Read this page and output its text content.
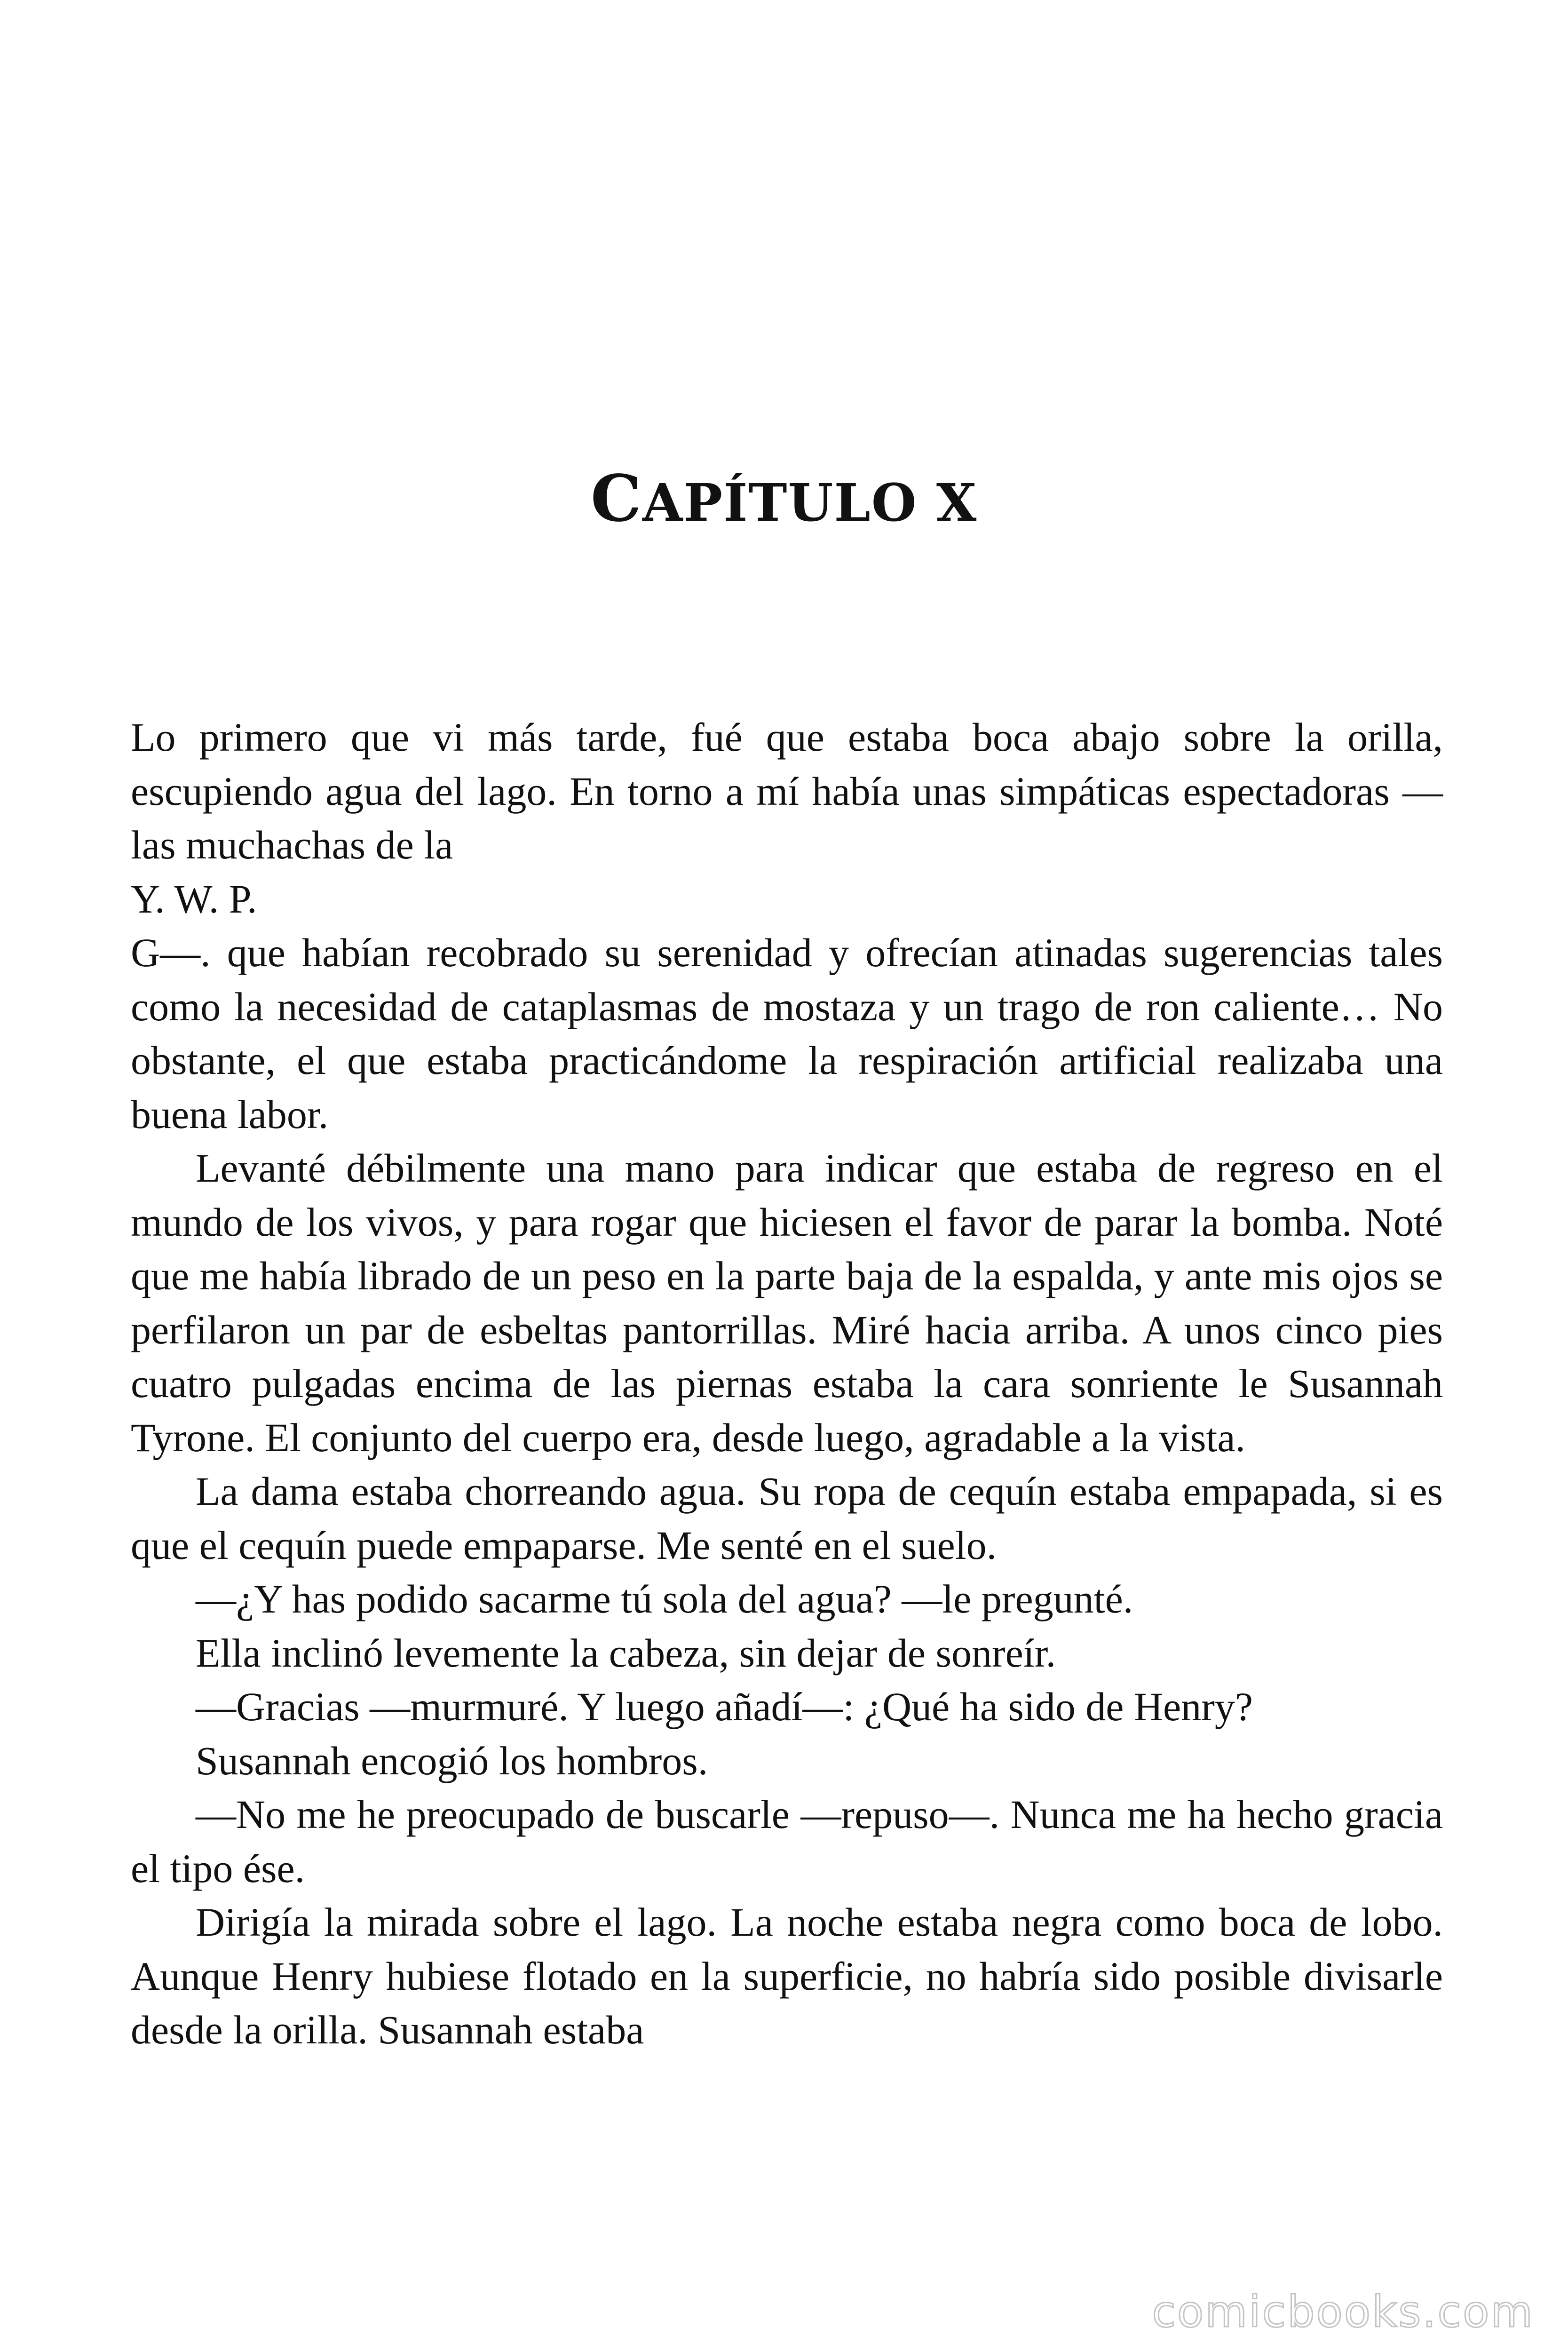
CAPÍTULO X

Lo primero que vi más tarde, fué que estaba boca abajo sobre la orilla, escupiendo agua del lago. En torno a mí había unas simpáticas espectadoras —las muchachas de la

Y. W. P.

G—. que habían recobrado su serenidad y ofrecían atinadas sugerencias tales como la necesidad de cataplasmas de mostaza y un trago de ron caliente… No obstante, el que estaba practicándome la respiración artificial realizaba una buena labor.

Levanté débilmente una mano para indicar que estaba de regreso en el mundo de los vivos, y para rogar que hiciesen el favor de parar la bomba. Noté que me había librado de un peso en la parte baja de la espalda, y ante mis ojos se perfilaron un par de esbeltas pantorrillas. Miré hacia arriba. A unos cinco pies cuatro pulgadas encima de las piernas estaba la cara sonriente le Susannah Tyrone. El conjunto del cuerpo era, desde luego, agradable a la vista.

La dama estaba chorreando agua. Su ropa de cequín estaba empapada, si es que el cequín puede empaparse. Me senté en el suelo.

—¿Y has podido sacarme tú sola del agua? —le pregunté.

Ella inclinó levemente la cabeza, sin dejar de sonreír.

—Gracias —murmuré. Y luego añadí—: ¿Qué ha sido de Henry?

Susannah encogió los hombros.

—No me he preocupado de buscarle —repuso—. Nunca me ha hecho gracia el tipo ése.

Dirigía la mirada sobre el lago. La noche estaba negra como boca de lobo. Aunque Henry hubiese flotado en la superficie, no habría sido posible divisarle desde la orilla. Susannah estaba

comicbooks.com
